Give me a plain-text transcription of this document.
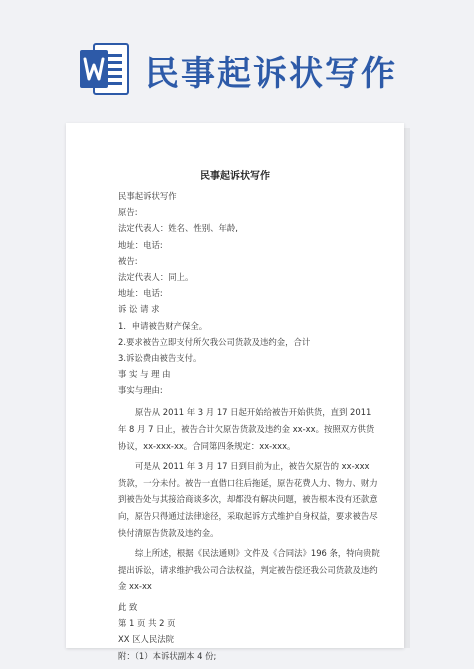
民事起诉状写作
民事起诉状写作
民事起诉状写作
原告:
法定代表人：姓名、性别、年龄,
地址：电话:
被告:
法定代表人：同上。
地址：电话:
诉 讼 请 求
1．申请被告财产保全。
2.要求被告立即支付所欠我公司货款及违约金，合计
3.诉讼费由被告支付。
事 实 与 理 由
事实与理由:
原告从 2011 年 3 月 17 日起开始给被告开始供货，直到 2011 年 8 月 7 日止，被告合计欠原告货款及违约金 xx-xx。按照双方供货协议，xx-xxx-xx。合同第四条规定：xx-xxx。
可是从 2011 年 3 月 17 日到目前为止，被告欠原告的 xx-xxx 货款，一分未付。被告一直借口往后拖延，原告花费人力、物力、财力到被告处与其接洽商谈多次，却都没有解决问题，被告根本没有还款意向，原告只得通过法律途径，采取起诉方式维护自身权益，要求被告尽快付清原告货款及违约金。
综上所述，根据《民法通则》文件及《合同法》196 条，特向贵院提出诉讼，请求维护我公司合法权益，判定被告偿还我公司货款及违约金 xx-xx
此 致
第 1 页 共 2 页
XX 区人民法院
附：（1）本诉状副本 4 份;
